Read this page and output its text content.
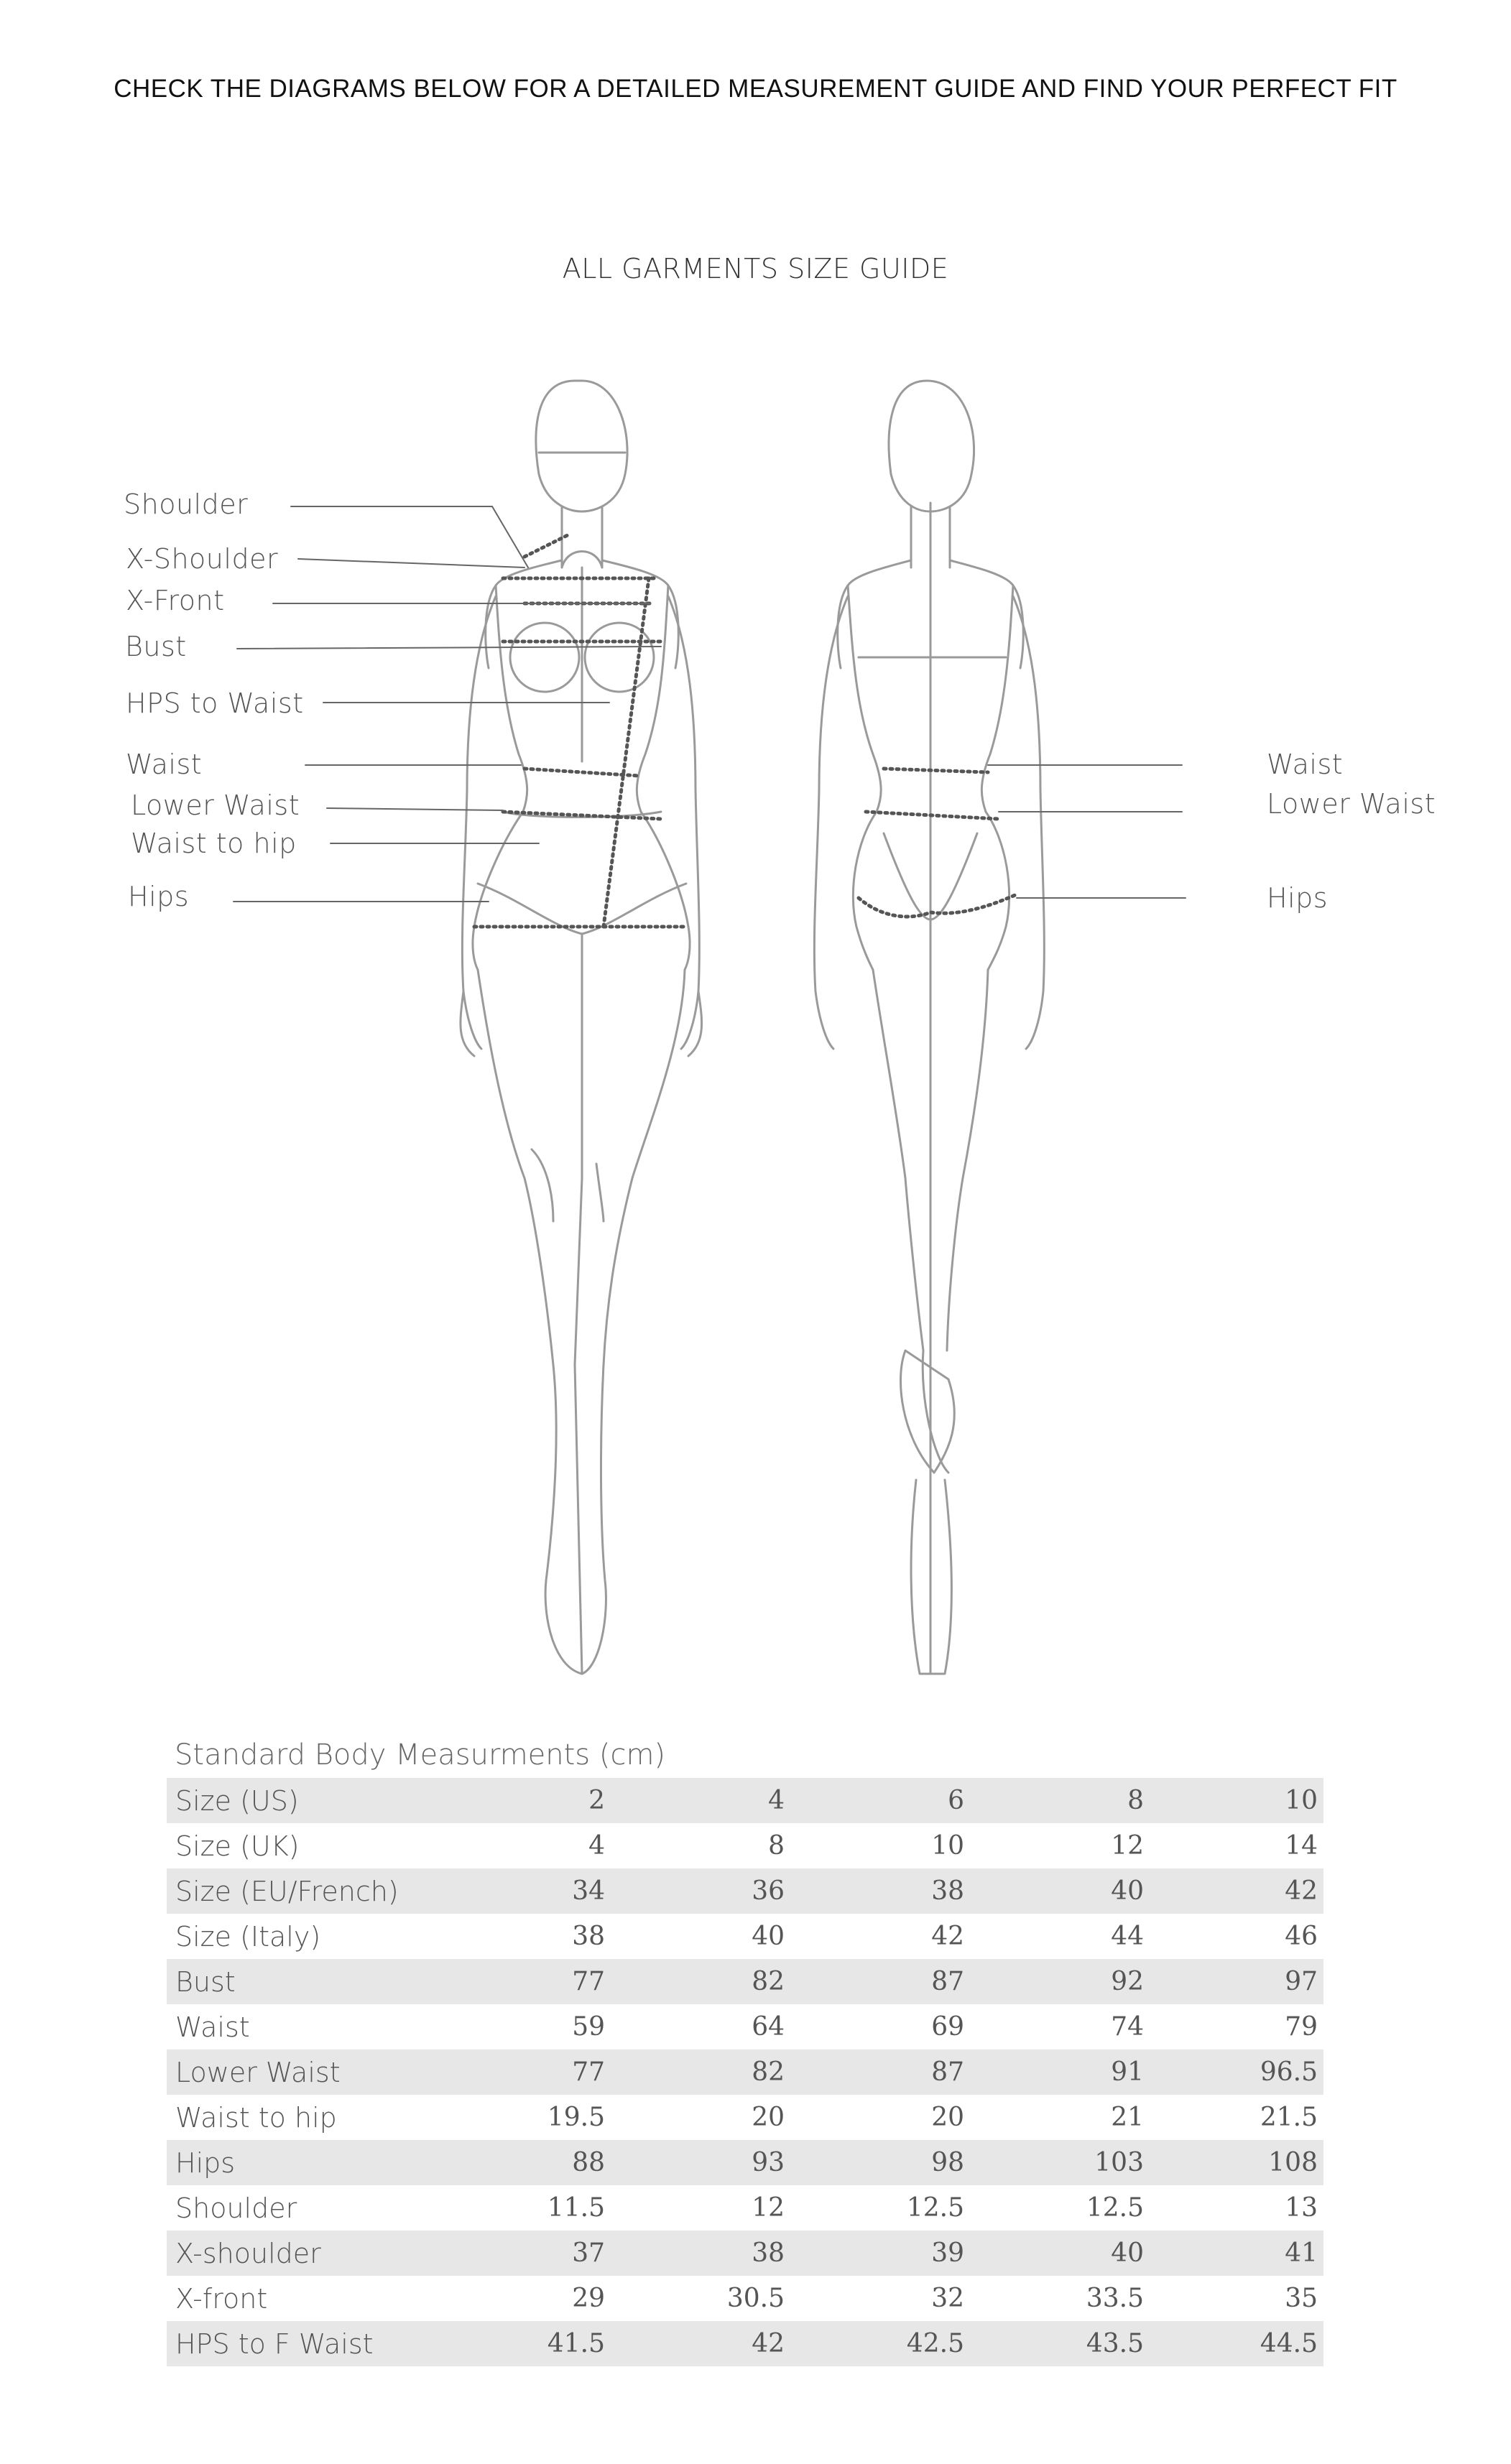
CHECK THE DIAGRAMS BELOW FOR A DETAILED MEASUREMENT GUIDE AND FIND YOUR PERFECT FIT
ALL GARMENTS SIZE GUIDE
Shoulder
X-Shoulder
X-Front
Bust
HPS to Waist
Waist
Lower Waist
Waist to hip
Hips
Waist
Lower Waist
Hips
Standard Body Measurments (cm)
Size (US)	2	4	6	8	10
Size (UK)	4	8	10	12	14
Size (EU/French)	34	36	38	40	42
Size (Italy)	38	40	42	44	46
Bust	77	82	87	92	97
Waist	59	64	69	74	79
Lower Waist	77	82	87	91	96.5
Waist to hip	19.5	20	20	21	21.5
Hips	88	93	98	103	108
Shoulder	11.5	12	12.5	12.5	13
X-shoulder	37	38	39	40	41
X-front	29	30.5	32	33.5	35
HPS to F Waist	41.5	42	42.5	43.5	44.5
